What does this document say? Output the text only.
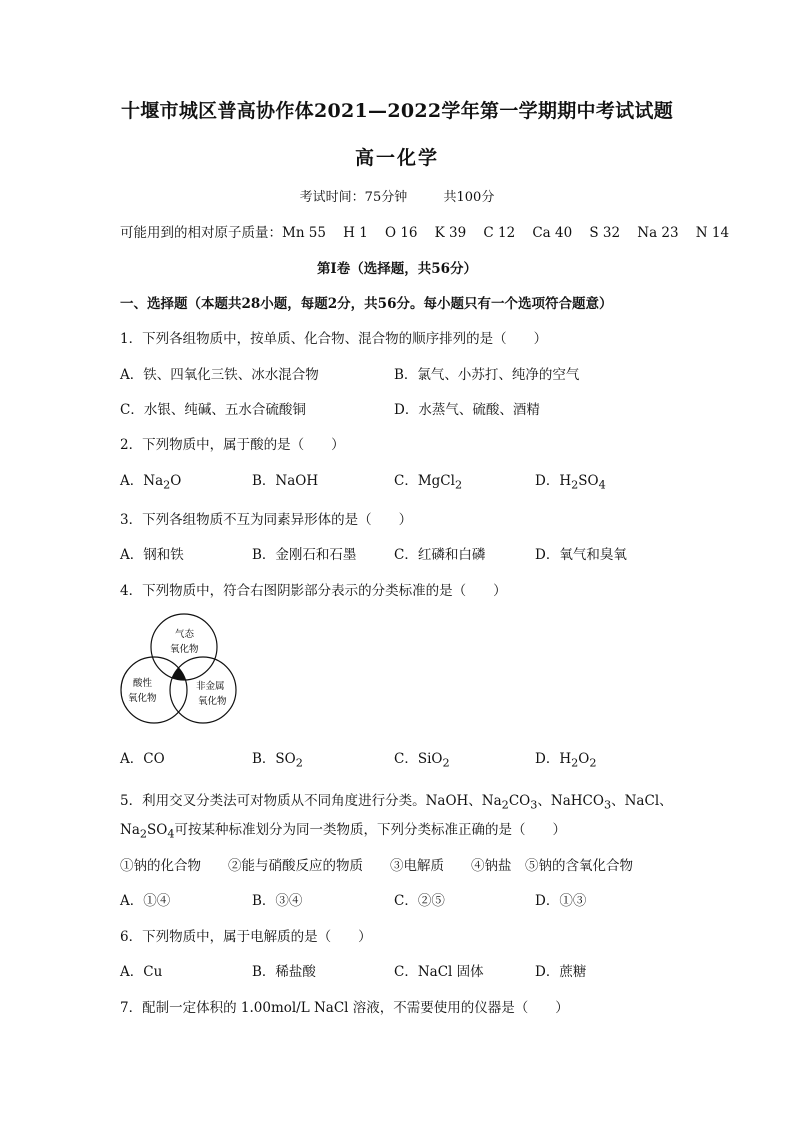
十堰市城区普高协作体2021—2022学年第一学期期中考试试题
高一化学
考试时间：75分钟	共100分
可能用到的相对原子质量：Mn 55    H 1    O 16    K 39    C 12    Ca 40    S 32    Na 23    N 14
第Ⅰ卷（选择题，共56分）
一、选择题（本题共28小题，每题2分，共56分。每小题只有一个选项符合题意）
1．下列各组物质中，按单质、化合物、混合物的顺序排列的是（　　）
A．铁、四氧化三铁、冰水混合物	B．氯气、小苏打、纯净的空气
C．水银、纯碱、五水合硫酸铜	D．水蒸气、硫酸、酒精
2．下列物质中，属于酸的是（　　）
A．$Na_2O$	B．NaOH	C．MgCl$_2$	D．$H_2SO_4$
3．下列各组物质不互为同素异形体的是（　　）
A．钢和铁	B．金刚石和石墨	C．红磷和白磷	D．氧气和臭氧
4．下列物质中，符合右图阴影部分表示的分类标准的是（　　）
气态
氧化物
酸性
氧化物
非金属
氧化物
A．CO	B．$SO_2$	C．SiO$_2$	D．$H_2O_2$
5．利用交叉分类法可对物质从不同角度进行分类。NaOH、$Na_2CO_3$、NaHCO$_3$、NaCl、
$Na_2SO_4$可按某种标准划分为同一类物质，下列分类标准正确的是（　　）
①钠的化合物　　②能与硝酸反应的物质　　③电解质　　④钠盐　⑤钠的含氧化合物
A．①④	B．③④	C．②⑤	D．①③
6．下列物质中，属于电解质的是（　　）
A．Cu	B．稀盐酸	C．NaCl 固体	D．蔗糖
7．配制一定体积的 1.00mol/L NaCl 溶液，不需要使用的仪器是（　　）
